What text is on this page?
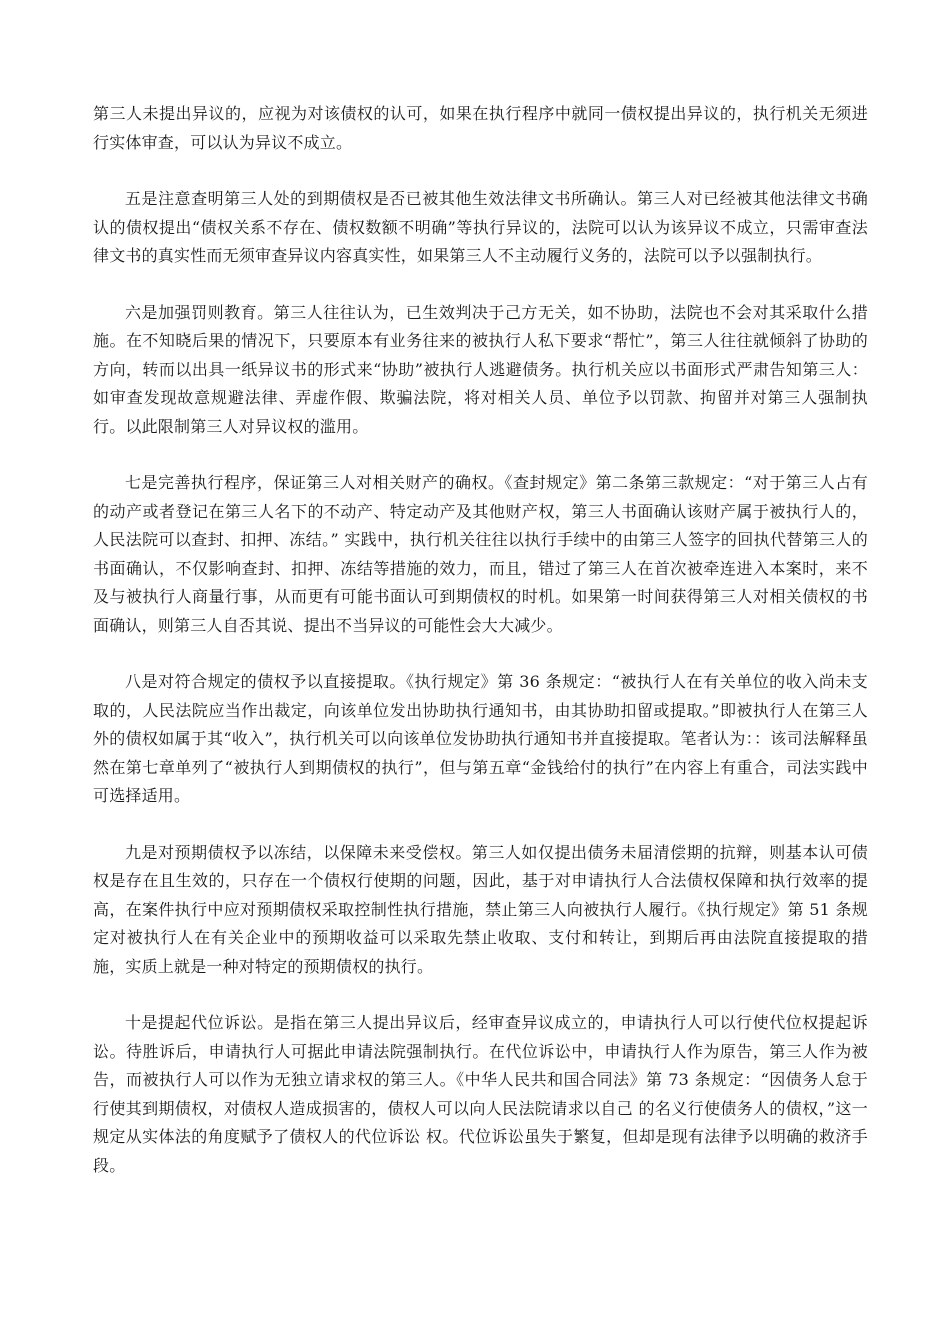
第三人未提出异议的，应视为对该债权的认可，如果在执行程序中就同一债权提出异议的，执行机关无须进行实体审查，可以认为异议不成立。

五是注意查明第三人处的到期债权是否已被其他生效法律文书所确认。第三人对已经被其他法律文书确认的债权提出“债权关系不存在、债权数额不明确”等执行异议的，法院可以认为该异议不成立，只需审查法律文书的真实性而无须审查异议内容真实性，如果第三人不主动履行义务的，法院可以予以强制执行。

六是加强罚则教育。第三人往往认为，已生效判决于己方无关，如不协助，法院也不会对其采取什么措施。在不知晓后果的情况下，只要原本有业务往来的被执行人私下要求“帮忙”，第三人往往就倾斜了协助的方向，转而以出具一纸异议书的形式来“协助”被执行人逃避债务。执行机关应以书面形式严肃告知第三人：如审查发现故意规避法律、弄虚作假、欺骗法院，将对相关人员、单位予以罚款、拘留并对第三人强制执行。以此限制第三人对异议权的滥用。

七是完善执行程序，保证第三人对相关财产的确权。《查封规定》第二条第三款规定：“对于第三人占有的动产或者登记在第三人名下的不动产、特定动产及其他财产权，第三人书面确认该财产属于被执行人的，人民法院可以查封、扣押、冻结。” 实践中，执行机关往往以执行手续中的由第三人签字的回执代替第三人的书面确认，不仅影响查封、扣押、冻结等措施的效力，而且，错过了第三人在首次被牵连进入本案时，来不及与被执行人商量行事，从而更有可能书面认可到期债权的时机。如果第一时间获得第三人对相关债权的书面确认，则第三人自否其说、提出不当异议的可能性会大大减少。

八是对符合规定的债权予以直接提取。《执行规定》第 36 条规定：“被执行人在有关单位的收入尚未支取的，人民法院应当作出裁定，向该单位发出协助执行通知书，由其协助扣留或提取。”即被执行人在第三人外的债权如属于其“收入”，执行机关可以向该单位发协助执行通知书并直接提取。笔者认为：：该司法解释虽然在第七章单列了“被执行人到期债权的执行”，但与第五章“金钱给付的执行”在内容上有重合，司法实践中可选择适用。

九是对预期债权予以冻结，以保障未来受偿权。第三人如仅提出债务未届清偿期的抗辩，则基本认可债权是存在且生效的，只存在一个债权行使期的问题，因此，基于对申请执行人合法债权保障和执行效率的提高，在案件执行中应对预期债权采取控制性执行措施，禁止第三人向被执行人履行。《执行规定》第 51 条规定对被执行人在有关企业中的预期收益可以采取先禁止收取、支付和转让，到期后再由法院直接提取的措施，实质上就是一种对特定的预期债权的执行。

十是提起代位诉讼。是指在第三人提出异议后，经审查异议成立的，申请执行人可以行使代位权提起诉讼。待胜诉后，申请执行人可据此申请法院强制执行。在代位诉讼中，申请执行人作为原告，第三人作为被告，而被执行人可以作为无独立请求权的第三人。《中华人民共和国合同法》第 73 条规定：“因债务人怠于行使其到期债权，对债权人造成损害的，债权人可以向人民法院请求以自己 的名义行使债务人的债权，”这一规定从实体法的角度赋予了债权人的代位诉讼 权。代位诉讼虽失于繁复，但却是现有法律予以明确的救济手段。
